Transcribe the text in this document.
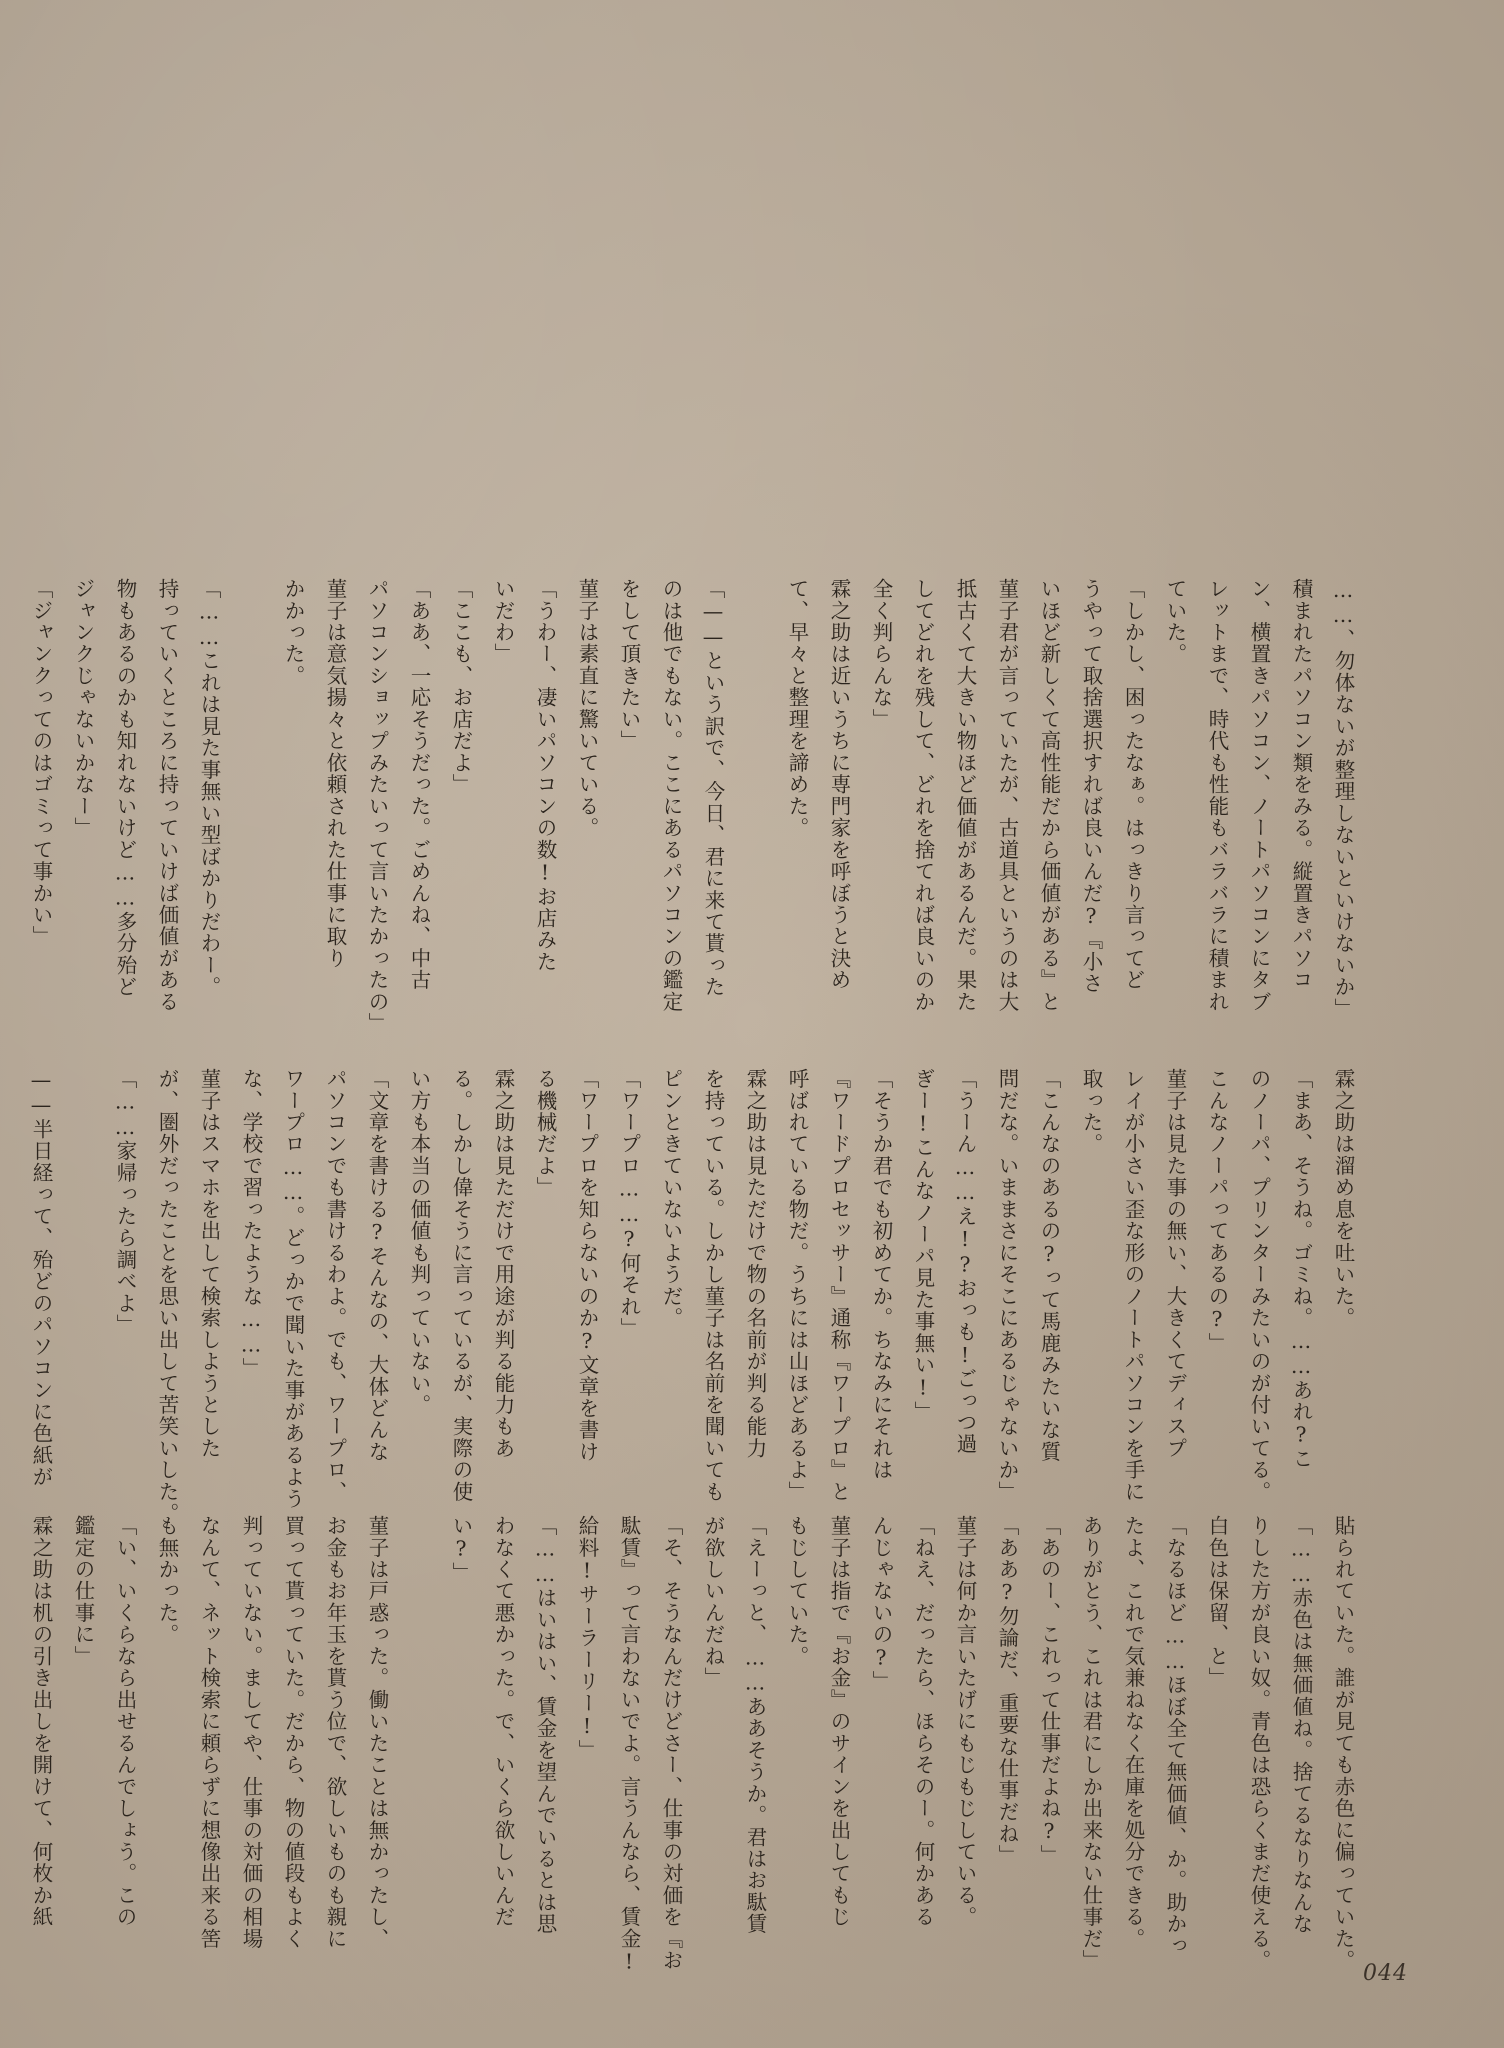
……、勿体ないが整理しないといけないか」
積まれたパソコン類をみる。縦置きパソコ
ン、横置きパソコン、ノートパソコンにタブ
レットまで、時代も性能もバラバラに積まれ
ていた。
「しかし、困ったなぁ。はっきり言ってど
うやって取捨選択すれば良いんだ?『小さ
いほど新しくて高性能だから価値がある』と
菫子君が言っていたが、古道具というのは大
抵古くて大きい物ほど価値があるんだ。果た
してどれを残して、どれを捨てれば良いのか
全く判らんな」
霖之助は近いうちに専門家を呼ぼうと決め
て、早々と整理を諦めた。

「——という訳で、今日、君に来て貰った
のは他でもない。ここにあるパソコンの鑑定
をして頂きたい」
菫子は素直に驚いている。
「うわー、凄いパソコンの数!お店みた
いだわ」
「ここも、お店だよ」
「ああ、一応そうだった。ごめんね、中古
パソコンショップみたいって言いたかったの」
菫子は意気揚々と依頼された仕事に取り
かかった。

「……これは見た事無い型ばかりだわー。
持っていくところに持っていけば価値がある
物もあるのかも知れないけど……多分殆ど
ジャンクじゃないかなー」
「ジャンクってのはゴミって事かい」
霖之助は溜め息を吐いた。
「まあ、そうね。ゴミね。……あれ?こ
のノーパ、プリンターみたいのが付いてる。
こんなノーパってあるの?」
菫子は見た事の無い、大きくてディスプ
レイが小さい歪な形のノートパソコンを手に
取った。
「こんなのあるの?って馬鹿みたいな質
問だな。いままさにそこにあるじゃないか」
「うーん……え!?おっも!ごっつ過
ぎー!こんなノーパ見た事無い!」
「そうか君でも初めてか。ちなみにそれは
『ワードプロセッサー』通称『ワープロ』と
呼ばれている物だ。うちには山ほどあるよ」
霖之助は見ただけで物の名前が判る能力
を持っている。しかし菫子は名前を聞いても
ピンときていないようだ。
「ワープロ……?何それ」
「ワープロを知らないのか?文章を書け
る機械だよ」
霖之助は見ただけで用途が判る能力もあ
る。しかし偉そうに言っているが、実際の使
い方も本当の価値も判っていない。
「文章を書ける?そんなの、大体どんな
パソコンでも書けるわよ。でも、ワープロ、
ワープロ……。どっかで聞いた事があるよう
な、学校で習ったような……」
菫子はスマホを出して検索しようとした
が、圏外だったことを思い出して苦笑いした。
「……家帰ったら調べよ」

——半日経って、殆どのパソコンに色紙が
貼られていた。誰が見ても赤色に偏っていた。
「……赤色は無価値ね。捨てるなりなんな
りした方が良い奴。青色は恐らくまだ使える。
白色は保留、と」
「なるほど……ほぼ全て無価値、か。助かっ
たよ、これで気兼ねなく在庫を処分できる。
ありがとう、これは君にしか出来ない仕事だ」
「あのー、これって仕事だよね?」
「ああ?勿論だ、重要な仕事だね」
菫子は何か言いたげにもじもじしている。
「ねえ、だったら、ほらそのー。何かある
んじゃないの?」
菫子は指で『お金』のサインを出してもじ
もじしていた。
「えーっと、……ああそうか。君はお駄賃
が欲しいんだね」
「そ、そうなんだけどさー、仕事の対価を『お
駄賃』って言わないでよ。言うんなら、賃金!
給料!サーラーリー!」
「……はいはい、賃金を望んでいるとは思
わなくて悪かった。で、いくら欲しいんだ
い?」

菫子は戸惑った。働いたことは無かったし、
お金もお年玉を貰う位で、欲しいものも親に
買って貰っていた。だから、物の値段もよく
判っていない。ましてや、仕事の対価の相場
なんて、ネット検索に頼らずに想像出来る筈
も無かった。
「い、いくらなら出せるんでしょう。この
鑑定の仕事に」
霖之助は机の引き出しを開けて、何枚か紙
044
